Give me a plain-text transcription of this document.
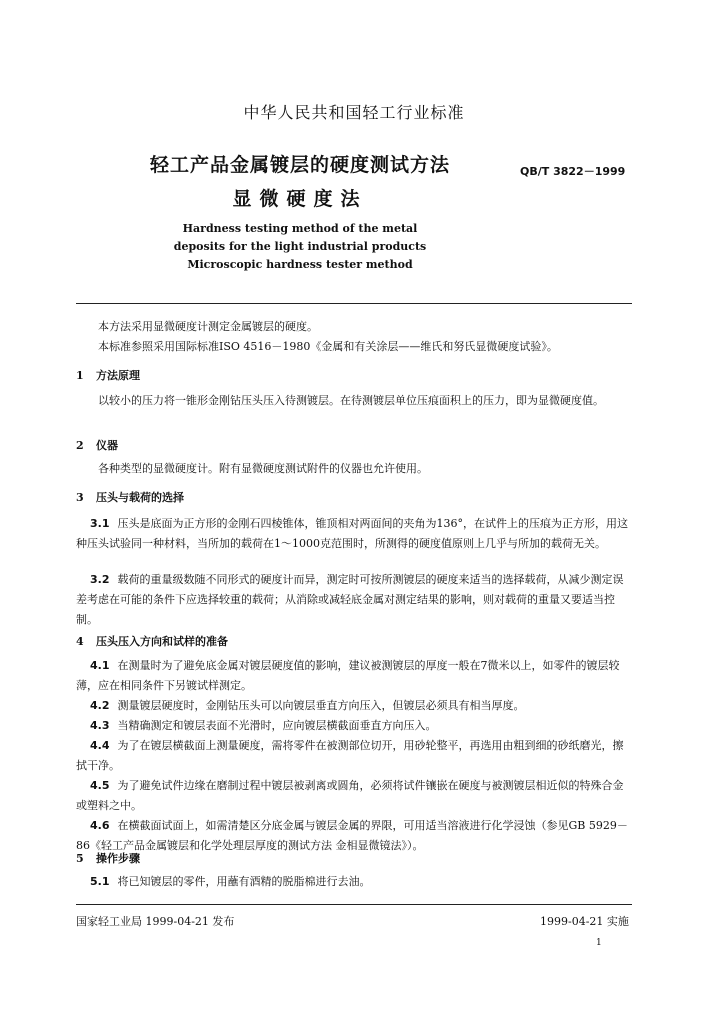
中华人民共和国轻工行业标准
轻工产品金属镀层的硬度测试方法
显微硬度法
QB/T 3822－1999
Hardness testing method of the metal
deposits for the light industrial products
Microscopic hardness tester method
本方法采用显微硬度计测定金属镀层的硬度。
本标准参照采用国际标准ISO 4516－1980《金属和有关涂层——维氏和努氏显微硬度试验》。
1 方法原理
以较小的压力将一锥形金刚钻压头压入待测镀层。在待测镀层单位压痕面积上的压力，即为显微硬度值。
2 仪器
各种类型的显微硬度计。附有显微硬度测试附件的仪器也允许使用。
3 压头与载荷的选择
3.1 压头是底面为正方形的金刚石四棱锥体，锥顶相对两面间的夹角为136°，在试件上的压痕为正方形，用这种压头试验同一种材料，当所加的载荷在1～1000克范围时，所测得的硬度值原则上几乎与所加的载荷无关。
3.2 载荷的重量级数随不同形式的硬度计而异，测定时可按所测镀层的硬度来适当的选择载荷，从减少测定误差考虑在可能的条件下应选择较重的载荷；从消除或减轻底金属对测定结果的影响，则对载荷的重量又要适当控制。
4 压头压入方向和试样的准备
4.1 在测量时为了避免底金属对镀层硬度值的影响，建议被测镀层的厚度一般在7微米以上，如零件的镀层较薄，应在相同条件下另镀试样测定。
4.2 测量镀层硬度时，金刚钻压头可以向镀层垂直方向压入，但镀层必须具有相当厚度。
4.3 当精确测定和镀层表面不光滑时，应向镀层横截面垂直方向压入。
4.4 为了在镀层横截面上测量硬度，需将零件在被测部位切开，用砂轮整平，再选用由粗到细的砂纸磨光，擦拭干净。
4.5 为了避免试件边缘在磨制过程中镀层被剥离或圆角，必须将试件镶嵌在硬度与被测镀层相近似的特殊合金或塑料之中。
4.6 在横截面试面上，如需清楚区分底金属与镀层金属的界限，可用适当溶液进行化学浸蚀（参见GB 5929－86《轻工产品金属镀层和化学处理层厚度的测试方法 金相显微镜法》）。
5 操作步骤
5.1 将已知镀层的零件，用蘸有酒精的脱脂棉进行去油。
国家轻工业局 1999-04-21 发布	1999-04-21 实施
1
